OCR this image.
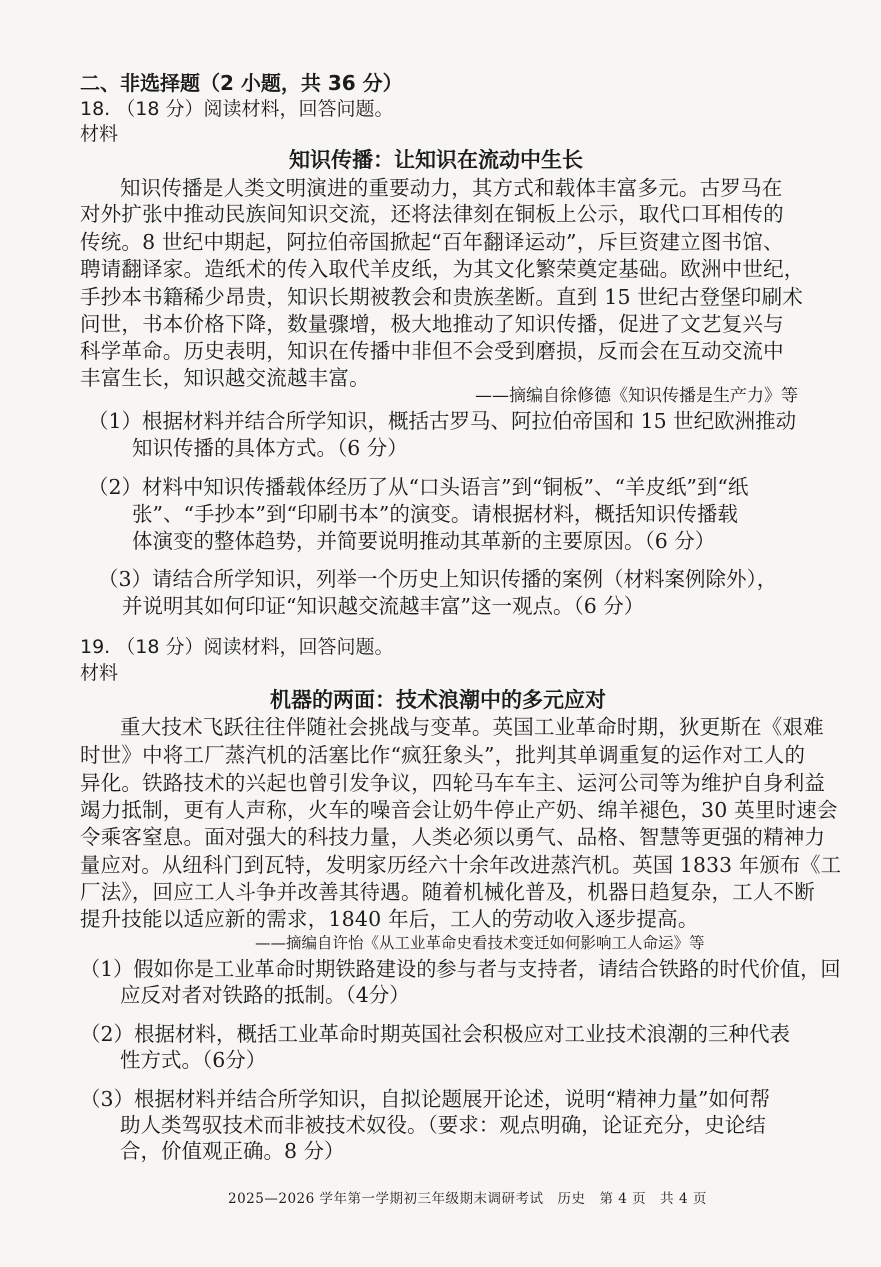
二、非选择题（2 小题，共 36 分）
18. （18 分）阅读材料，回答问题。
材料
知识传播：让知识在流动中生长
知识传播是人类文明演进的重要动力，其方式和载体丰富多元。古罗马在
对外扩张中推动民族间知识交流，还将法律刻在铜板上公示，取代口耳相传的
传统。8 世纪中期起，阿拉伯帝国掀起“百年翻译运动”，斥巨资建立图书馆、
聘请翻译家。造纸术的传入取代羊皮纸，为其文化繁荣奠定基础。欧洲中世纪，
手抄本书籍稀少昂贵，知识长期被教会和贵族垄断。直到 15 世纪古登堡印刷术
问世，书本价格下降，数量骤增，极大地推动了知识传播，促进了文艺复兴与
科学革命。历史表明，知识在传播中非但不会受到磨损，反而会在互动交流中
丰富生长，知识越交流越丰富。
——摘编自徐修德《知识传播是生产力》等
（1）根据材料并结合所学知识，概括古罗马、阿拉伯帝国和 15 世纪欧洲推动
知识传播的具体方式。（6 分）
（2）材料中知识传播载体经历了从“口头语言”到“铜板”、“羊皮纸”到“纸
张”、“手抄本”到“印刷书本”的演变。请根据材料，概括知识传播载
体演变的整体趋势，并简要说明推动其革新的主要原因。（6 分）
（3）请结合所学知识，列举一个历史上知识传播的案例（材料案例除外），
并说明其如何印证“知识越交流越丰富”这一观点。（6 分）
19. （18 分）阅读材料，回答问题。
材料
机器的两面：技术浪潮中的多元应对
重大技术飞跃往往伴随社会挑战与变革。英国工业革命时期，狄更斯在《艰难
时世》中将工厂蒸汽机的活塞比作“疯狂象头”，批判其单调重复的运作对工人的
异化。铁路技术的兴起也曾引发争议，四轮马车车主、运河公司等为维护自身利益
竭力抵制，更有人声称，火车的噪音会让奶牛停止产奶、绵羊褪色，30 英里时速会
令乘客窒息。面对强大的科技力量，人类必须以勇气、品格、智慧等更强的精神力
量应对。从纽科门到瓦特，发明家历经六十余年改进蒸汽机。英国 1833 年颁布《工
厂法》，回应工人斗争并改善其待遇。随着机械化普及，机器日趋复杂，工人不断
提升技能以适应新的需求，1840 年后，工人的劳动收入逐步提高。
——摘编自许怡《从工业革命史看技术变迁如何影响工人命运》等
（1）假如你是工业革命时期铁路建设的参与者与支持者，请结合铁路的时代价值，回
应反对者对铁路的抵制。（4分）
（2）根据材料，概括工业革命时期英国社会积极应对工业技术浪潮的三种代表
性方式。（6分）
（3）根据材料并结合所学知识，自拟论题展开论述，说明“精神力量”如何帮
助人类驾驭技术而非被技术奴役。（要求：观点明确，论证充分，史论结
合，价值观正确。8 分）
2025—2026 学年第一学期初三年级期末调研考试　历史　第 4 页　共 4 页
